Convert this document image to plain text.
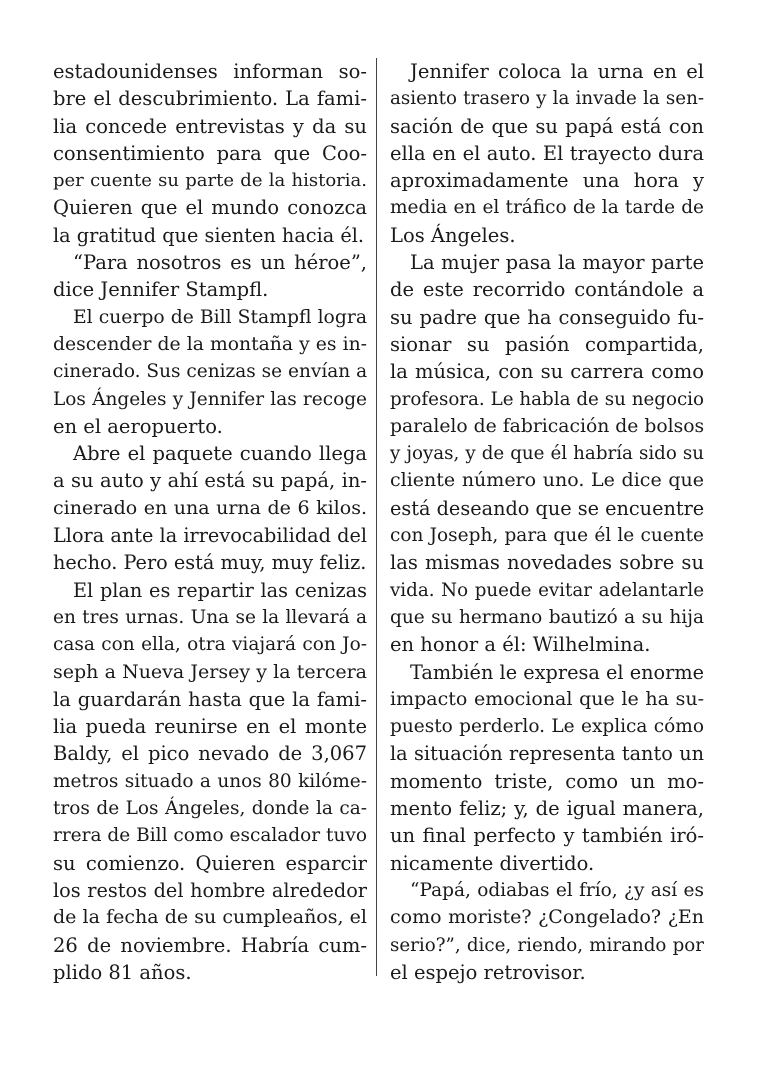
estadounidenses informan so-
bre el descubrimiento. La fami-
lia concede entrevistas y da su
consentimiento para que Coo-
per cuente su parte de la historia.
Quieren que el mundo conozca
la gratitud que sienten hacia él.
“Para nosotros es un héroe”,
dice Jennifer Stampfl.
El cuerpo de Bill Stampfl logra
descender de la montaña y es in-
cinerado. Sus cenizas se envían a
Los Ángeles y Jennifer las recoge
en el aeropuerto.
Abre el paquete cuando llega
a su auto y ahí está su papá, in-
cinerado en una urna de 6 kilos.
Llora ante la irrevocabilidad del
hecho. Pero está muy, muy feliz.
El plan es repartir las cenizas
en tres urnas. Una se la llevará a
casa con ella, otra viajará con Jo-
seph a Nueva Jersey y la tercera
la guardarán hasta que la fami-
lia pueda reunirse en el monte
Baldy, el pico nevado de 3,067
metros situado a unos 80 kilóme-
tros de Los Ángeles, donde la ca-
rrera de Bill como escalador tuvo
su comienzo. Quieren esparcir
los restos del hombre alrededor
de la fecha de su cumpleaños, el
26 de noviembre. Habría cum-
plido 81 años.
Jennifer coloca la urna en el
asiento trasero y la invade la sen-
sación de que su papá está con
ella en el auto. El trayecto dura
aproximadamente una hora y
media en el tráfico de la tarde de
Los Ángeles.
La mujer pasa la mayor parte
de este recorrido contándole a
su padre que ha conseguido fu-
sionar su pasión compartida,
la música, con su carrera como
profesora. Le habla de su negocio
paralelo de fabricación de bolsos
y joyas, y de que él habría sido su
cliente número uno. Le dice que
está deseando que se encuentre
con Joseph, para que él le cuente
las mismas novedades sobre su
vida. No puede evitar adelantarle
que su hermano bautizó a su hija
en honor a él: Wilhelmina.
También le expresa el enorme
impacto emocional que le ha su-
puesto perderlo. Le explica cómo
la situación representa tanto un
momento triste, como un mo-
mento feliz; y, de igual manera,
un final perfecto y también iró-
nicamente divertido.
“Papá, odiabas el frío, ¿y así es
como moriste? ¿Congelado? ¿En
serio?”, dice, riendo, mirando por
el espejo retrovisor.
